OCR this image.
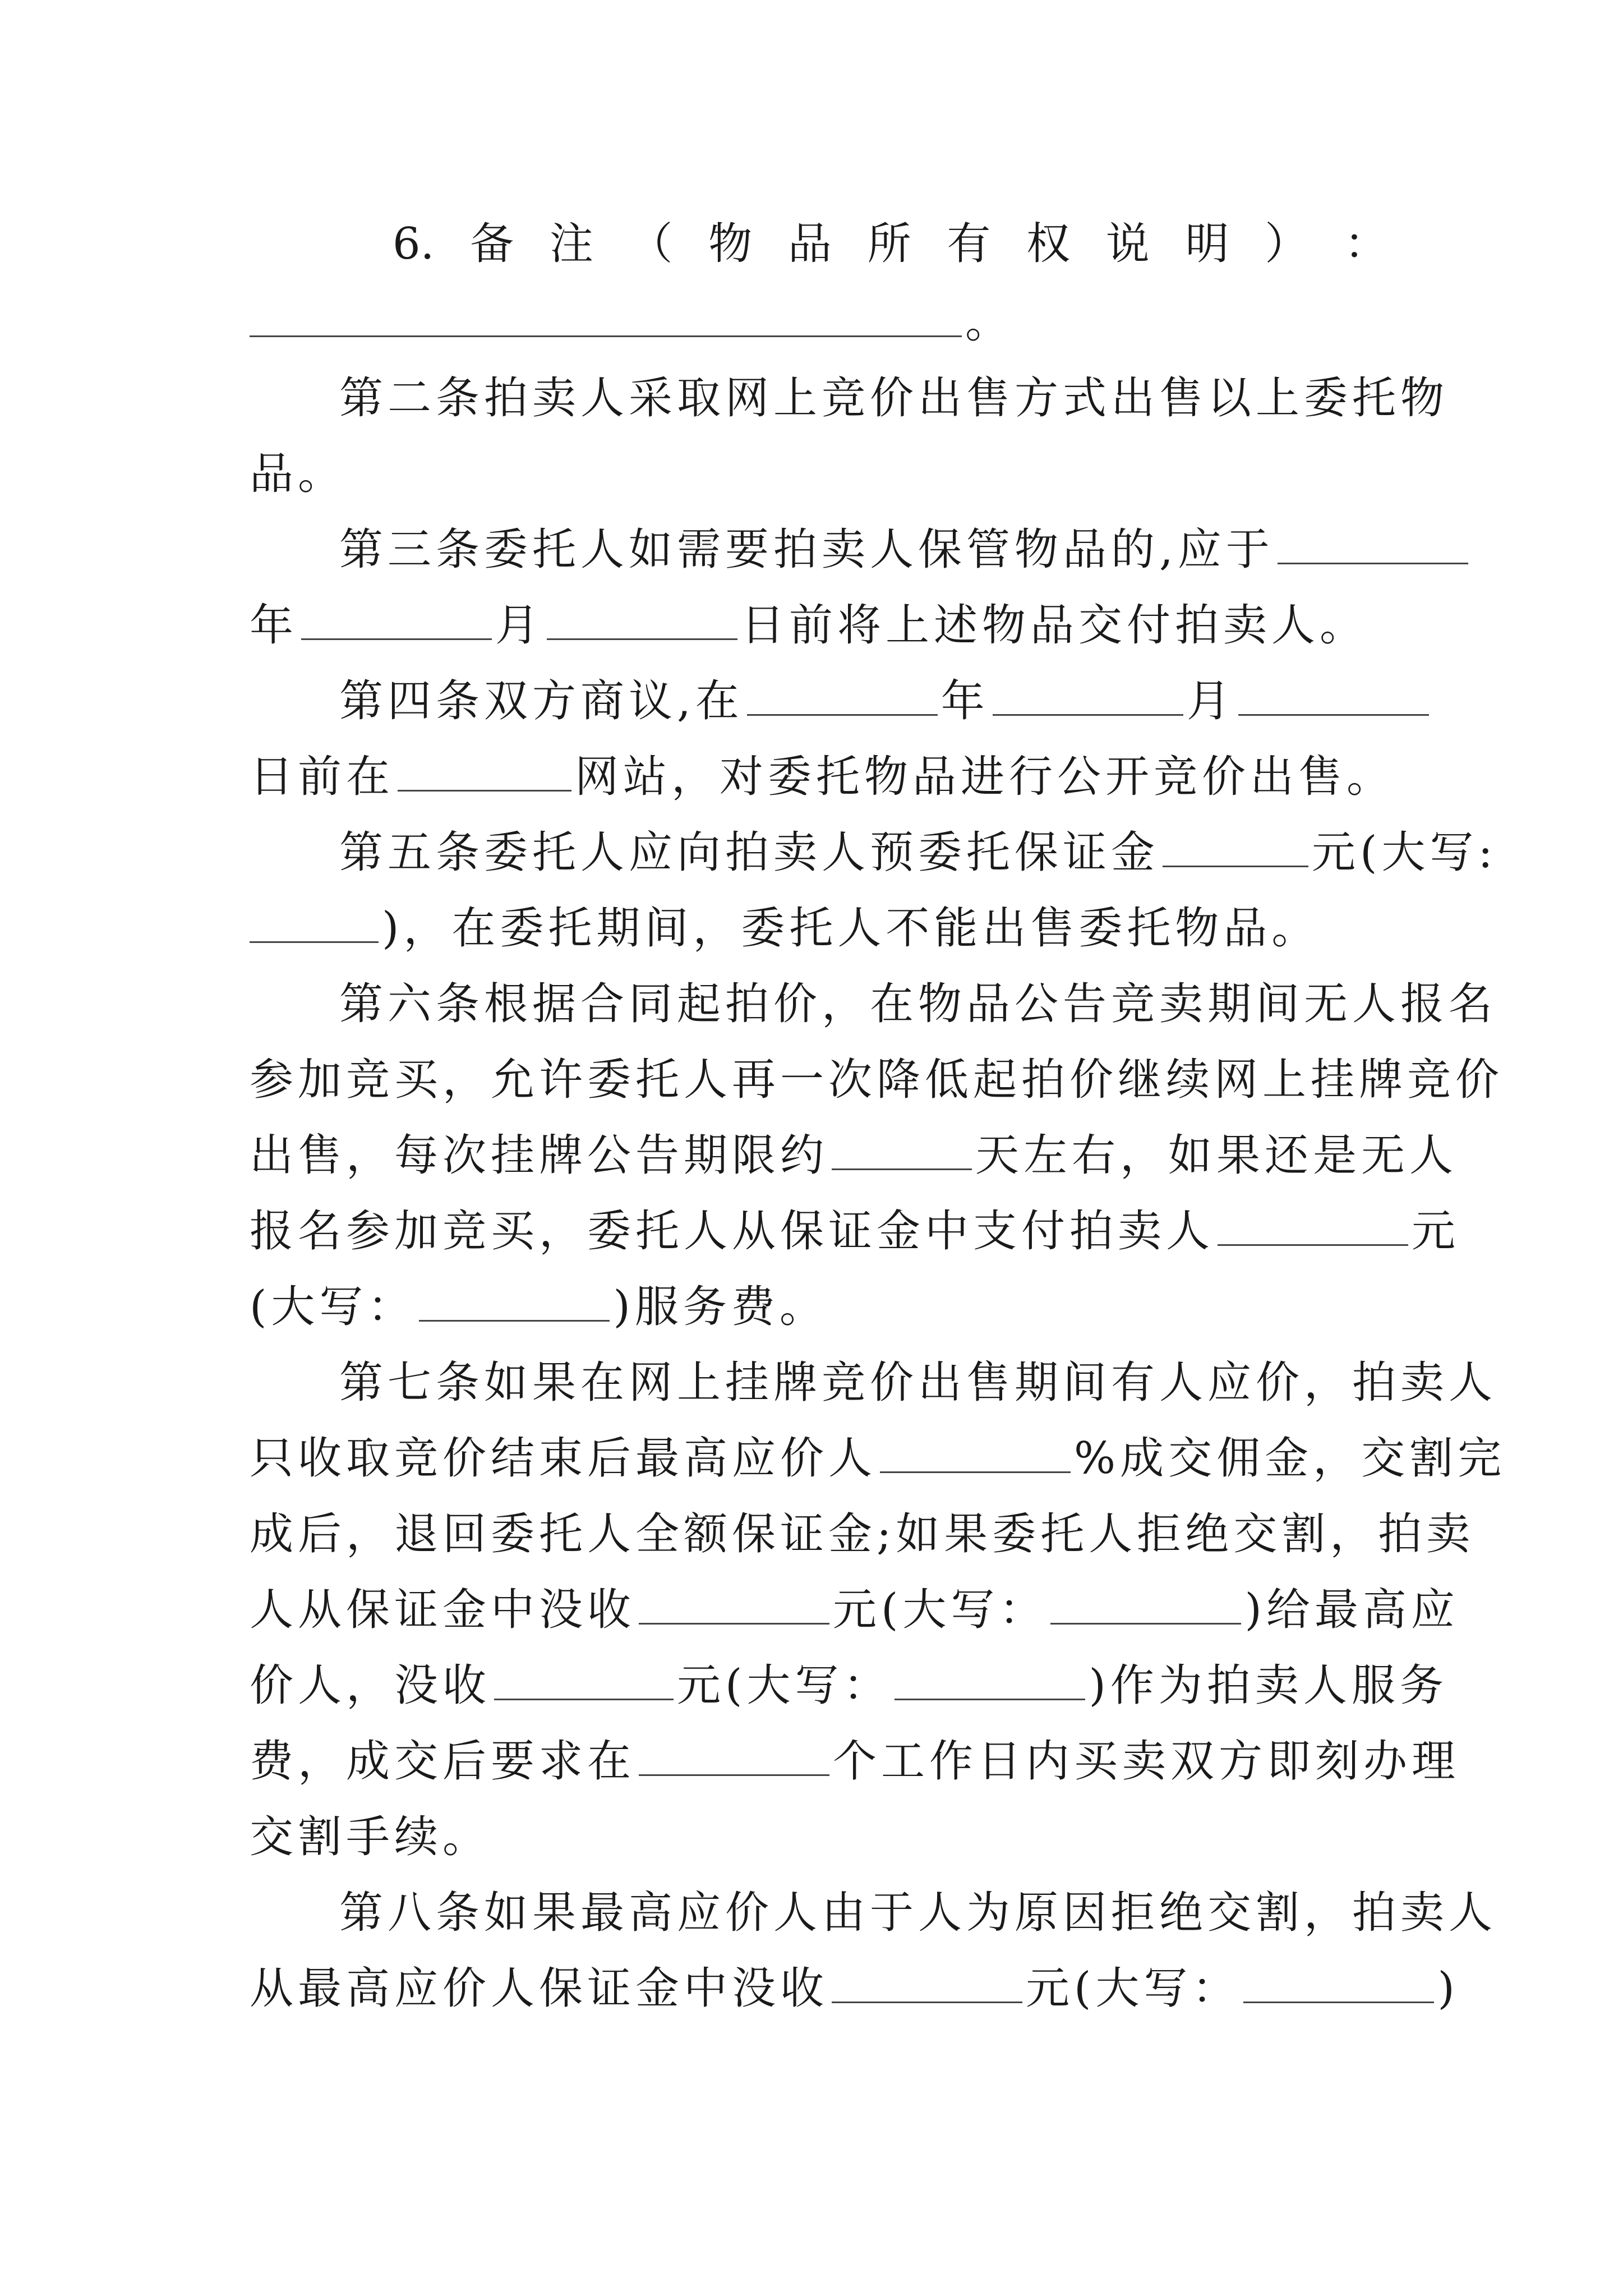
6. 备 注 （ 物 品 所 有 权 说 明 ） ：
。
第二条拍卖人采取网上竞价出售方式出售以上委托物
品。
第三条委托人如需要拍卖人保管物品的,应于
年	月	日前将上述物品交付拍卖人。
第四条双方商议,在	年	月
日前在	网站，对委托物品进行公开竞价出售。
第五条委托人应向拍卖人预委托保证金	元(大写:
)，在委托期间，委托人不能出售委托物品。
第六条根据合同起拍价，在物品公告竞卖期间无人报名
参加竞买，允许委托人再一次降低起拍价继续网上挂牌竞价
出售，每次挂牌公告期限约	天左右，如果还是无人
报名参加竞买，委托人从保证金中支付拍卖人	元
(大写：	)服务费。
第七条如果在网上挂牌竞价出售期间有人应价，拍卖人
只收取竞价结束后最高应价人	%成交佣金，交割完
成后，退回委托人全额保证金;如果委托人拒绝交割，拍卖
人从保证金中没收	元(大写：	)给最高应
价人，没收	元(大写：	)作为拍卖人服务
费，成交后要求在	个工作日内买卖双方即刻办理
交割手续。
第八条如果最高应价人由于人为原因拒绝交割，拍卖人
从最高应价人保证金中没收	元(大写：	)
